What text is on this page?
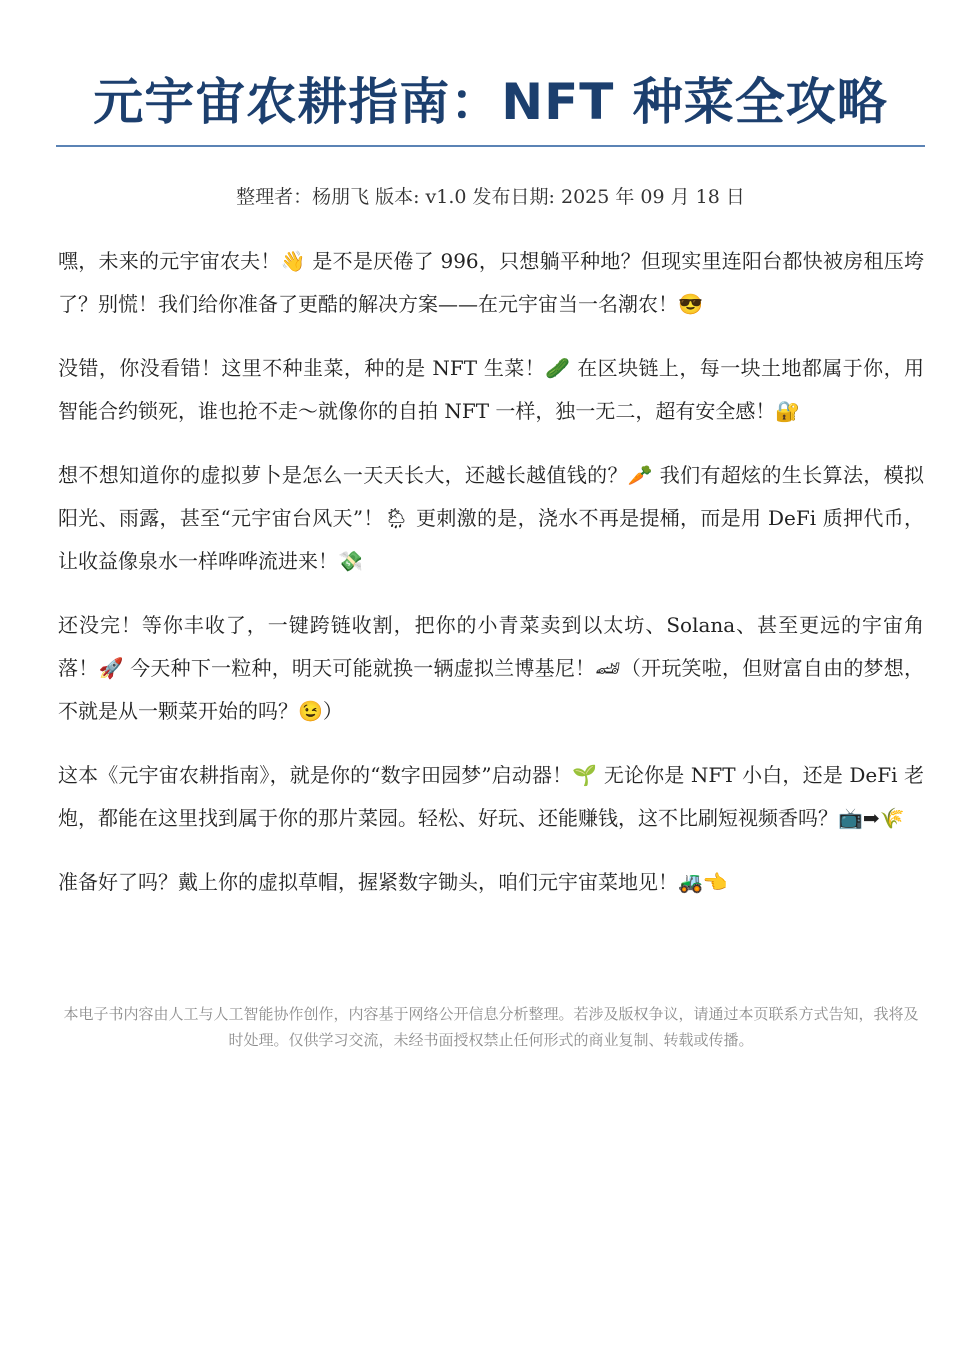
元宇宙农耕指南：NFT 种菜全攻略

整理者：杨朋飞 版本: v1.0 发布日期: 2025 年 09 月 18 日

嘿，未来的元宇宙农夫！👋 是不是厌倦了 996，只想躺平种地？但现实里连阳台都快被房租压垮了？别慌！我们给你准备了更酷的解决方案——在元宇宙当一名潮农！😎

没错，你没看错！这里不种韭菜，种的是 NFT 生菜！🥒 在区块链上，每一块土地都属于你，用智能合约锁死，谁也抢不走～就像你的自拍 NFT 一样，独一无二，超有安全感！🔐

想不想知道你的虚拟萝卜是怎么一天天长大，还越长越值钱的？🥕 我们有超炫的生长算法，模拟阳光、雨露，甚至“元宇宙台风天”！🌦 更刺激的是，浇水不再是提桶，而是用 DeFi 质押代币，让收益像泉水一样哗哗流进来！💸

还没完！等你丰收了，一键跨链收割，把你的小青菜卖到以太坊、Solana、甚至更远的宇宙角落！🚀 今天种下一粒种，明天可能就换一辆虚拟兰博基尼！🏎（开玩笑啦，但财富自由的梦想，不就是从一颗菜开始的吗？😉）

这本《元宇宙农耕指南》，就是你的“数字田园梦”启动器！🌱 无论你是 NFT 小白，还是 DeFi 老炮，都能在这里找到属于你的那片菜园。轻松、好玩、还能赚钱，这不比刷短视频香吗？📺➡🌾

准备好了吗？戴上你的虚拟草帽，握紧数字锄头，咱们元宇宙菜地见！🚜👈

本电子书内容由人工与人工智能协作创作，内容基于网络公开信息分析整理。若涉及版权争议，请通过本页联系方式告知，我将及时处理。仅供学习交流，未经书面授权禁止任何形式的商业复制、转载或传播。
